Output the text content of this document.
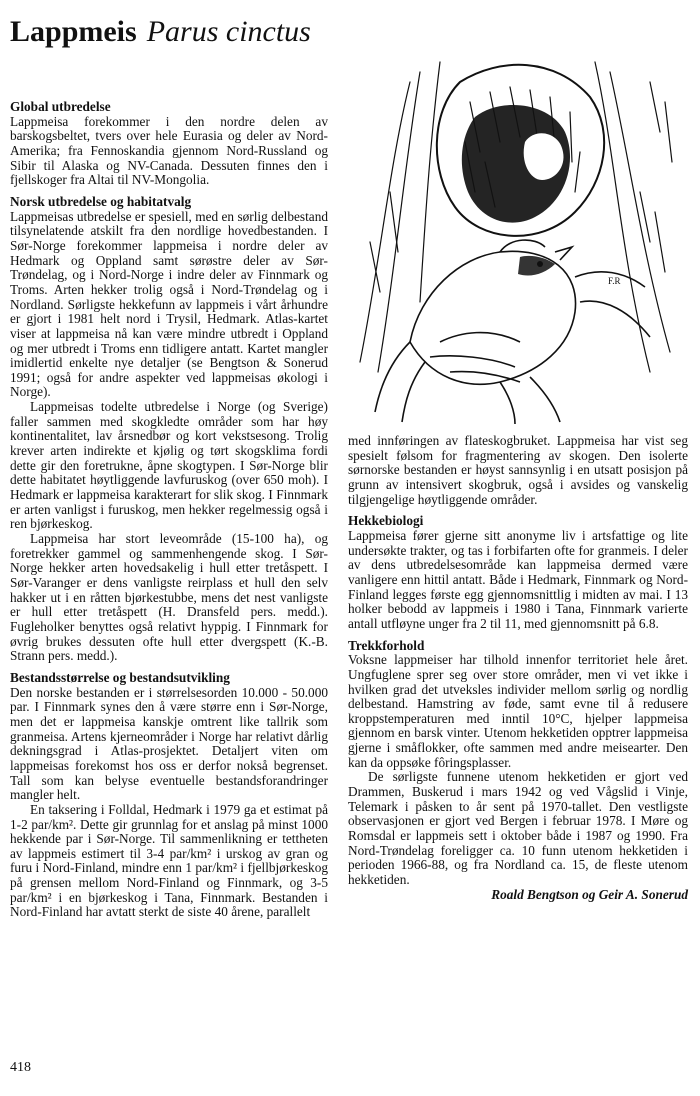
Lappmeis Parus cinctus
F.R
Global utbredelse

Lappmeisa forekommer i den nordre delen av barskogsbeltet, tvers over hele Eurasia og deler av Nord-Amerika; fra Fennoskandia gjennom Nord-Russland og Sibir til Alaska og NV-Canada. Dessuten finnes den i fjellskoger fra Altai til NV-Mongolia.

Norsk utbredelse og habitatvalg

Lappmeisas utbredelse er spesiell, med en sørlig delbestand tilsynelatende atskilt fra den nordlige hovedbestanden. I Sør-Norge forekommer lappmeisa i nordre deler av Hedmark og Oppland samt sørøstre deler av Sør-Trøndelag, og i Nord-Norge i indre deler av Finnmark og Troms. Arten hekker trolig også i Nord-Trøndelag og i Nordland. Sørligste hekkefunn av lappmeis i vårt århundre er gjort i 1981 helt nord i Trysil, Hedmark. Atlas-kartet viser at lappmeisa nå kan være mindre utbredt i Oppland og mer utbredt i Troms enn tidligere antatt. Kartet mangler imidlertid enkelte nye detaljer (se Bengtson & Sonerud 1991; også for andre aspekter ved lappmeisas økologi i Norge).

Lappmeisas todelte utbredelse i Norge (og Sverige) faller sammen med skogkledte områder som har høy kontinentalitet, lav årsnedbør og kort vekstsesong. Trolig krever arten indirekte et kjølig og tørt skogsklima fordi dette gir den foretrukne, åpne skogtypen. I Sør-Norge blir dette habitatet høytliggende lavfuruskog (over 650 moh). I Hedmark er lappmeisa karakterart for slik skog. I Finnmark er arten vanligst i furuskog, men hekker regelmessig også i ren bjørkeskog.

Lappmeisa har stort leveområde (15-100 ha), og foretrekker gammel og sammenhengende skog. I Sør-Norge hekker arten hovedsakelig i hull etter tretåspett. I Sør-Varanger er dens vanligste reirplass et hull den selv hakker ut i en råtten bjørkestubbe, mens det nest vanligste er hull etter tretåspett (H. Dransfeld pers. medd.). Fugleholker benyttes også relativt hyppig. I Finnmark for øvrig brukes dessuten ofte hull etter dvergspett (K.-B. Strann pers. medd.).

Bestandsstørrelse og bestandsutvikling

Den norske bestanden er i størrelsesorden 10.000 - 50.000 par. I Finnmark synes den å være større enn i Sør-Norge, men det er lappmeisa kanskje omtrent like tallrik som granmeisa. Artens kjerneområder i Norge har relativt dårlig dekningsgrad i Atlas-prosjektet. Detaljert viten om lappmeisas forekomst hos oss er derfor nokså begrenset. Tall som kan belyse eventuelle bestandsforandringer mangler helt.

En taksering i Folldal, Hedmark i 1979 ga et estimat på 1-2 par/km². Dette gir grunnlag for et anslag på minst 1000 hekkende par i Sør-Norge. Til sammenlikning er tettheten av lappmeis estimert til 3-4 par/km² i urskog av gran og furu i Nord-Finland, mindre enn 1 par/km² i fjellbjørkeskog på grensen mellom Nord-Finland og Finnmark, og 3-5 par/km² i en bjørkeskog i Tana, Finnmark. Bestanden i Nord-Finland har avtatt sterkt de siste 40 årene, parallelt

med innføringen av flateskogbruket. Lappmeisa har vist seg spesielt følsom for fragmentering av skogen. Den isolerte sørnorske bestanden er høyst sannsynlig i en utsatt posisjon på grunn av intensivert skogbruk, også i avsides og vanskelig tilgjengelige høytliggende områder.

Hekkebiologi

Lappmeisa fører gjerne sitt anonyme liv i artsfattige og lite undersøkte trakter, og tas i forbifarten ofte for granmeis. I deler av dens utbredelsesområde kan lappmeisa dermed være vanligere enn hittil antatt. Både i Hedmark, Finnmark og Nord-Finland legges første egg gjennomsnittlig i midten av mai. I 13 holker bebodd av lappmeis i 1980 i Tana, Finnmark varierte antall utfløyne unger fra 2 til 11, med gjennomsnitt på 6.8.

Trekkforhold

Voksne lappmeiser har tilhold innenfor territoriet hele året. Ungfuglene sprer seg over store områder, men vi vet ikke i hvilken grad det utveksles individer mellom sørlig og nordlig delbestand. Hamstring av føde, samt evne til å redusere kroppstemperaturen med inntil 10°C, hjelper lappmeisa gjennom en barsk vinter. Utenom hekketiden opptrer lappmeisa gjerne i småflokker, ofte sammen med andre meisearter. Den kan da oppsøke fôringsplasser.

De sørligste funnene utenom hekketiden er gjort ved Drammen, Buskerud i mars 1942 og ved Vågslid i Vinje, Telemark i påsken to år sent på 1970-tallet. Den vestligste observasjonen er gjort ved Bergen i februar 1978. I Møre og Romsdal er lappmeis sett i oktober både i 1987 og 1990. Fra Nord-Trøndelag foreligger ca. 10 funn utenom hekketiden i perioden 1966-88, og fra Nordland ca. 15, de fleste utenom hekketiden.

Roald Bengtson og Geir A. Sonerud

418
